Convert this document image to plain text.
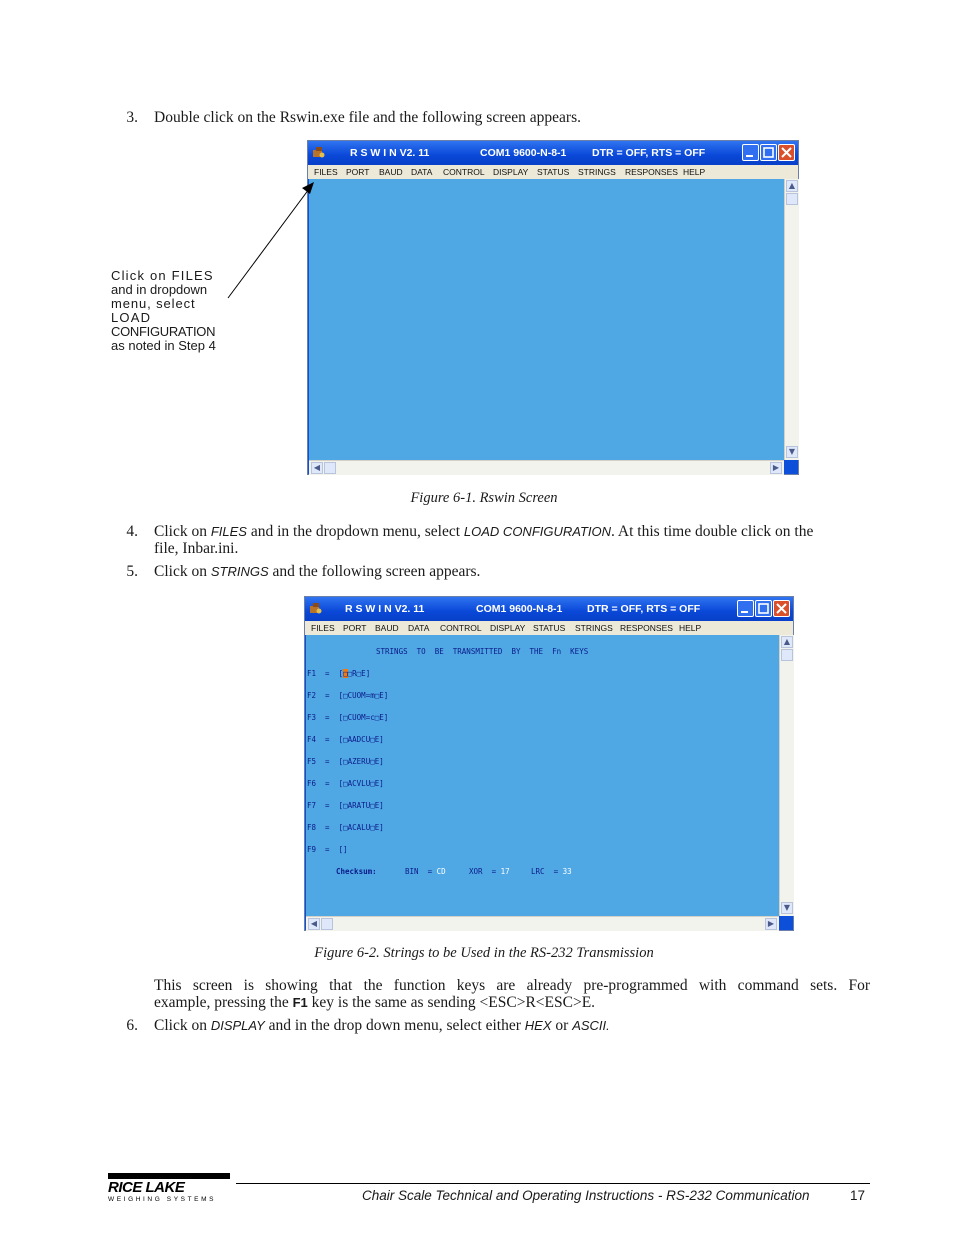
3. Double click on the Rswin.exe file and the following screen appears.
R S W I N V2. 11	COM1 9600-N-8-1 DTR = OFF, RTS = OFF
FILES PORT BAUD DATA CONTROL DISPLAY STATUS STRINGS RESPONSES HELP
▲
▼
◀	▶
Click on FILES
and in dropdown
menu, select
LOAD
CONFIGURATION
as noted in Step 4
Figure 6-1. Rswin Screen
4. Click on FILES and in the dropdown menu, select LOAD CONFIGURATION. At this time double click on the
file, Inbar.ini.
5. Click on STRINGS and the following screen appears.
R S W I N V2. 11	COM1 9600-N-8-1 DTR = OFF, RTS = OFF
FILES PORT BAUD DATA CONTROL DISPLAY STATUS STRINGS RESPONSES HELP
STRINGS  TO  BE  TRANSMITTED  BY  THE  Fn  KEYS
F1  =  [□□R□E]
F2  =  [□CUOM=m□E]
F3  =  [□CUOM=c□E]
F4  =  [□AADCU□E]
F5  =  [□AZERU□E]
F6  =  [□ACVLU□E]
F7  =  [□ARATU□E]
F8  =  [□ACALU□E]
F9  =  []
Checksum:	BIN  = CD	XOR  = 17	LRC  = 33
▲
▼
◀	▶
Figure 6-2. Strings to be Used in the RS-232 Transmission
This screen is showing that the function keys are already pre-programmed with command sets. For
example, pressing the F1 key is the same as sending <ESC>R<ESC>E.
6. Click on DISPLAY and in the drop down menu, select either HEX or ASCII.
RICE LAKE
WEIGHING SYSTEMS	Chair Scale Technical and Operating Instructions - RS-232 Communication	17
